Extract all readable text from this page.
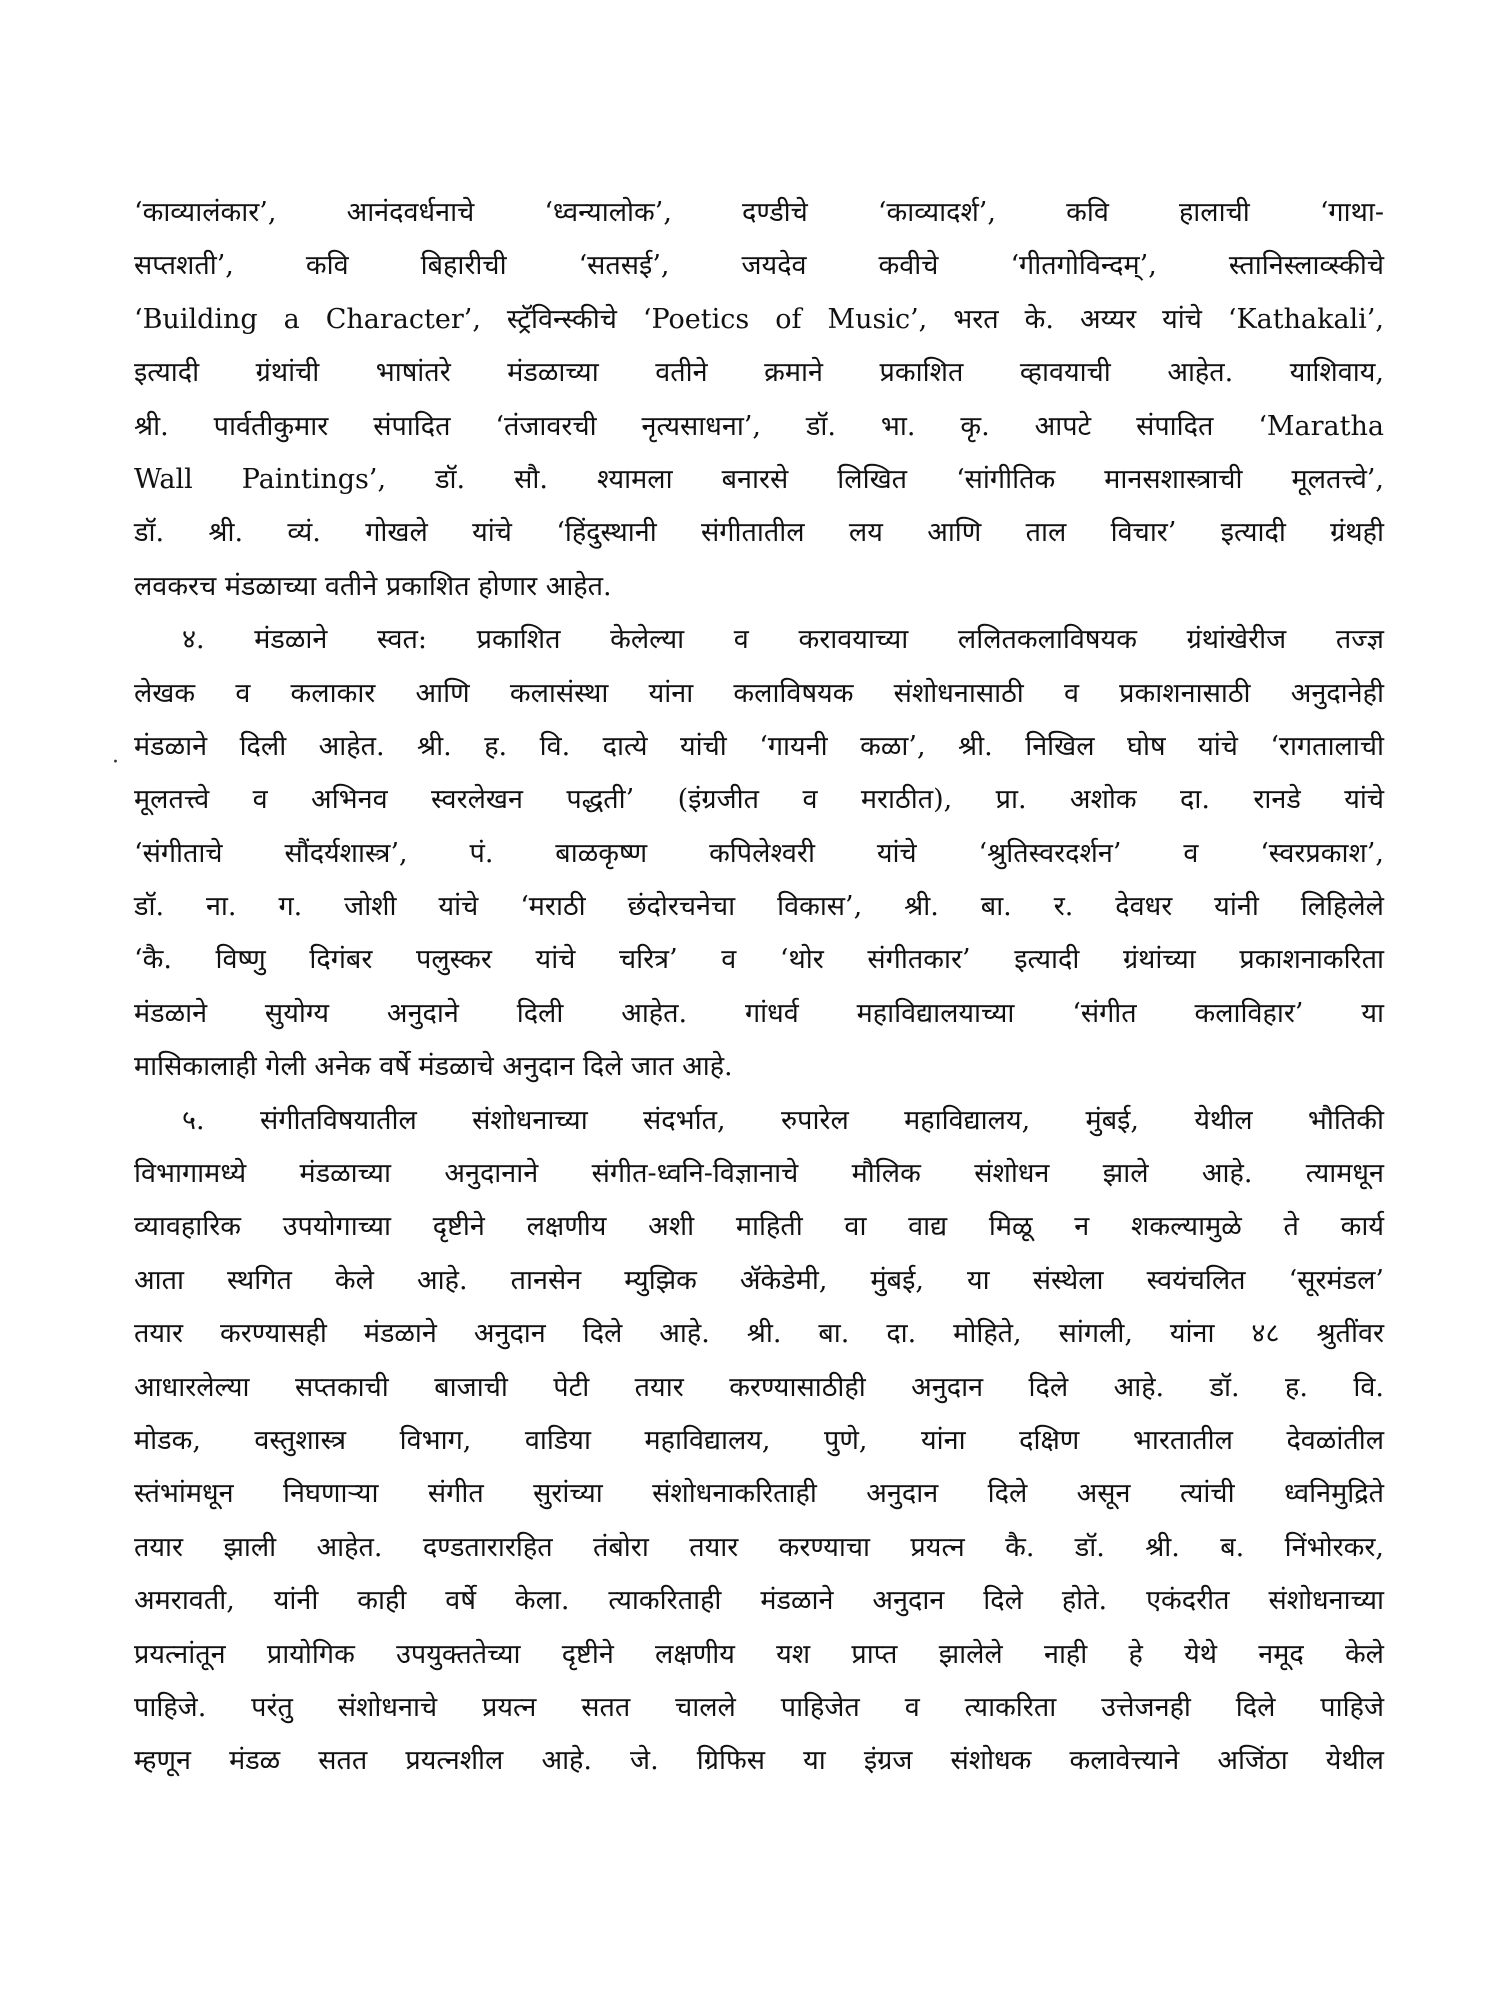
·
‘काव्यालंकार’, आनंदवर्धनाचे ‘ध्वन्यालोक’, दण्डीचे ‘काव्यादर्श’, कवि हालाची ‘गाथा-
सप्तशती’, कवि बिहारीची ‘सतसई’, जयदेव कवीचे ‘गीतगोविन्दम्’, स्तानिस्लाव्स्कीचे
‘Building a Character’, स्ट्रॅविन्स्कीचे ‘Poetics of Music’, भरत के. अय्यर यांचे ‘Kathakali’,
इत्यादी ग्रंथांची भाषांतरे मंडळाच्या वतीने क्रमाने प्रकाशित व्हावयाची आहेत. याशिवाय,
श्री. पार्वतीकुमार संपादित ‘तंजावरची नृत्यसाधना’, डॉ. भा. कृ. आपटे संपादित ‘Maratha
Wall Paintings’, डॉ. सौ. श्यामला बनारसे लिखित ‘सांगीतिक मानसशास्त्राची मूलतत्त्वे’,
डॉ. श्री. व्यं. गोखले यांचे ‘हिंदुस्थानी संगीतातील लय आणि ताल विचार’ इत्यादी ग्रंथही
लवकरच मंडळाच्या वतीने प्रकाशित होणार आहेत.
४. मंडळाने स्वत: प्रकाशित केलेल्या व करावयाच्या ललितकलाविषयक ग्रंथांखेरीज तज्ज्ञ
लेखक व कलाकार आणि कलासंस्था यांना कलाविषयक संशोधनासाठी व प्रकाशनासाठी अनुदानेही
मंडळाने दिली आहेत. श्री. ह. वि. दात्ये यांची ‘गायनी कळा’, श्री. निखिल घोष यांचे ‘रागतालाची
मूलतत्त्वे व अभिनव स्वरलेखन पद्धती’ (इंग्रजीत व मराठीत), प्रा. अशोक दा. रानडे यांचे
‘संगीताचे सौंदर्यशास्त्र’, पं. बाळकृष्ण कपिलेश्वरी यांचे ‘श्रुतिस्वरदर्शन’ व ‘स्वरप्रकाश’,
डॉ. ना. ग. जोशी यांचे ‘मराठी छंदोरचनेचा विकास’, श्री. बा. र. देवधर यांनी लिहिलेले
‘कै. विष्णु दिगंबर पलुस्कर यांचे चरित्र’ व ‘थोर संगीतकार’ इत्यादी ग्रंथांच्या प्रकाशनाकरिता
मंडळाने सुयोग्य अनुदाने दिली आहेत. गांधर्व महाविद्यालयाच्या ‘संगीत कलाविहार’ या
मासिकालाही गेली अनेक वर्षे मंडळाचे अनुदान दिले जात आहे.
५. संगीतविषयातील संशोधनाच्या संदर्भात, रुपारेल महाविद्यालय, मुंबई, येथील भौतिकी
विभागामध्ये मंडळाच्या अनुदानाने संगीत-ध्वनि-विज्ञानाचे मौलिक संशोधन झाले आहे. त्यामधून
व्यावहारिक उपयोगाच्या दृष्टीने लक्षणीय अशी माहिती वा वाद्य मिळू न शकल्यामुळे ते कार्य
आता स्थगित केले आहे. तानसेन म्युझिक ॲकेडेमी, मुंबई, या संस्थेला स्वयंचलित ‘सूरमंडल’
तयार करण्यासही मंडळाने अनुदान दिले आहे. श्री. बा. दा. मोहिते, सांगली, यांना ४८ श्रुतींवर
आधारलेल्या सप्तकाची बाजाची पेटी तयार करण्यासाठीही अनुदान दिले आहे. डॉ. ह. वि.
मोडक, वस्तुशास्त्र विभाग, वाडिया महाविद्यालय, पुणे, यांना दक्षिण भारतातील देवळांतील
स्तंभांमधून निघणाऱ्या संगीत सुरांच्या संशोधनाकरिताही अनुदान दिले असून त्यांची ध्वनिमुद्रिते
तयार झाली आहेत. दण्डतारारहित तंबोरा तयार करण्याचा प्रयत्न कै. डॉ. श्री. ब. निंभोरकर,
अमरावती, यांनी काही वर्षे केला. त्याकरिताही मंडळाने अनुदान दिले होते. एकंदरीत संशोधनाच्या
प्रयत्नांतून प्रायोगिक उपयुक्ततेच्या दृष्टीने लक्षणीय यश प्राप्त झालेले नाही हे येथे नमूद केले
पाहिजे. परंतु संशोधनाचे प्रयत्न सतत चालले पाहिजेत व त्याकरिता उत्तेजनही दिले पाहिजे
म्हणून मंडळ सतत प्रयत्नशील आहे. जे. ग्रिफिस या इंग्रज संशोधक कलावेत्त्याने अजिंठा येथील
